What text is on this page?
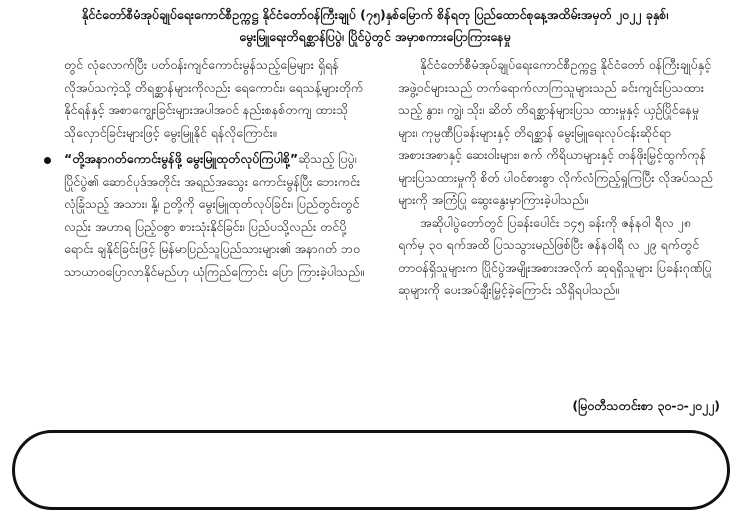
နိုင်ငံတော်စီမံအုပ်ချုပ်ရေးကောင်စီဥက္ကဋ္ဌ နိုင်ငံတော်ဝန်ကြီးချုပ် (၇၅)နှစ်မြောက် စိန်ရတု ပြည်ထောင်စုနေ့အထိမ်းအမှတ် ၂၀၂၂ ခုနှစ်၊
မွေးမြူရေးတိရစ္ဆာန်ပြပွဲ၊ ပြိုင်ပွဲတွင် အမှာစကားပြောကြားနေမှု

တွင် လုံလောက်ပြီး ပတ်ဝန်းကျင်ကောင်းမွန်သည့်မြေများ ရှိရန် လိုအပ်သကဲ့သို့ တိရစ္ဆာန်များကိုလည်း ရေကောင်း၊ ရေသန့်များတိုက်နိုင်ရန်နှင့် အစာကျွေးခြင်းများအပါအဝင် နည်းစနစ်တကျ ထားသို သိုလှောင်ခြင်းများဖြင့် မွေးမြူနိုင် ရန်လိုကြောင်း။

“တို့အနာဂတ်ကောင်းမွန်ဖို့ မွေးမြူထုတ်လုပ်ကြပါစို့”ဆိုသည့် ပြပွဲ၊ ပြိုင်ပွဲ၏ ဆောင်ပုဒ်အတိုင်း အရည်အသွေး ကောင်းမွန်ပြီး ဘေးကင်းလုံခြုံသည့် အသား၊ နို့၊ ဥတို့ကို မွေးမြူထုတ်လုပ်ခြင်း၊ ပြည်တွင်းတွင်လည်း အဟာရ ပြည့်ဝစွာ စားသုံးနိုင်ခြင်း၊ ပြည်ပသို့လည်း တင်ပို့ရောင်း ချနိုင်ခြင်းဖြင့် မြန်မာပြည်သူပြည်သားများ၏ အနာဂတ် ဘဝသာယာဝပြောလာနိုင်မည်ဟု ယုံကြည်ကြောင်း ပြော ကြားခဲ့ပါသည်။

နိုင်ငံတော်စီမံအုပ်ချုပ်ရေးကောင်စီဥက္ကဋ္ဌ နိုင်ငံတော် ဝန်ကြီးချုပ်နှင့် အဖွဲ့ဝင်များသည် တက်ရောက်လာကြသူများသည် ခင်းကျင်းပြသထားသည့် နွား၊ ကျွဲ၊ သိုး၊ ဆိတ် တိရစ္ဆာန်များပြသ ထားမှုနှင့် ယှဉ်ပြိုင်နေမှုများ၊ ကုမ္ပဏီပြခန်းများနှင့် တိရစ္ဆာန် မွေးမြူရေးလုပ်ငန်းဆိုင်ရာအစားအစာနှင့် ဆေးဝါးများ၊ စက် ကိရိယာများနှင့် တန်ဖိုးမြှင့်ထွက်ကုန်များပြသထားမှုကို စိတ် ပါဝင်စားစွာ လိုက်လံကြည့်ရှုကြပြီး လိုအပ်သည်များကို အကြံပြု ဆွေးနွေးမှာကြားခဲ့ပါသည်။

အဆိုပါပွဲတော်တွင် ပြခန်းပေါင်း ၁၄၅ ခန်းကို ဇန်နဝါ ရီလ ၂၈ ရက်မှ ၃၀ ရက်အထိ ပြသသွားမည်ဖြစ်ပြီး ဇန်နဝါရီ လ ၂၉ ရက်တွင် တာဝန်ရှိသူများက ပြိုင်ပွဲအမျိုးအစားအလိုက် ဆုရရှိသူများ ပြခန်းဂုဏ်ပြုဆုများကို ပေးအပ်ချီးမြှင့်ခဲ့ကြောင်း သိရှိရပါသည်။

(မြဝတီသတင်းစာ ၃၀-၁-၂၀၂၂)
